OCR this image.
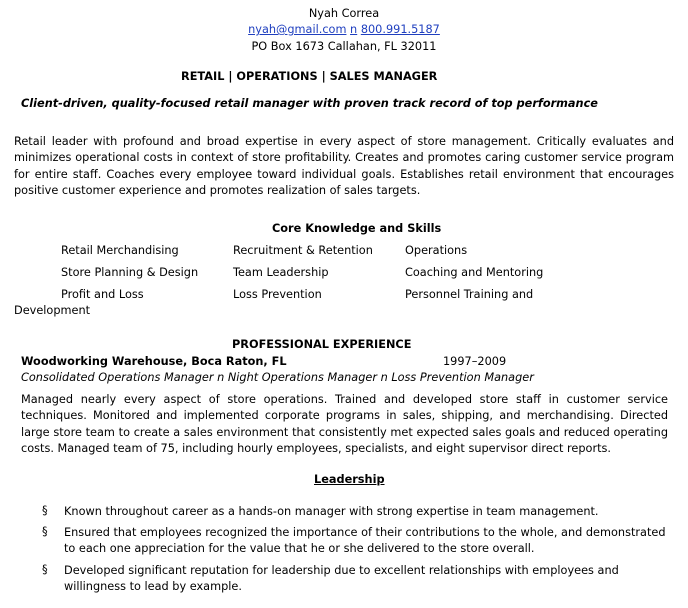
Nyah Correa
nyah@gmail.com n 800.991.5187
PO Box 1673 Callahan, FL 32011
RETAIL | OPERATIONS | SALES MANAGER
Client-driven, quality-focused retail manager with proven track record of top performance
Retail leader with profound and broad expertise in every aspect of store management. Critically evaluates and minimizes operational costs in context of store profitability. Creates and promotes caring customer service program for entire staff. Coaches every employee toward individual goals. Establishes retail environment that encourages positive customer experience and promotes realization of sales targets.
Core Knowledge and Skills
Retail Merchandising	Recruitment & Retention	Operations
Store Planning & Design	Team Leadership	Coaching and Mentoring
Profit and Loss	Loss Prevention	Personnel Training and
Development
PROFESSIONAL EXPERIENCE
Woodworking Warehouse, Boca Raton, FL	1997–2009
Consolidated Operations Manager n Night Operations Manager n Loss Prevention Manager
Managed nearly every aspect of store operations. Trained and developed store staff in customer service techniques. Monitored and implemented corporate programs in sales, shipping, and merchandising. Directed large store team to create a sales environment that consistently met expected sales goals and reduced operating costs. Managed team of 75, including hourly employees, specialists, and eight supervisor direct reports.
Leadership
§ Known throughout career as a hands-on manager with strong expertise in team management.
§ Ensured that employees recognized the importance of their contributions to the whole, and demonstrated to each one appreciation for the value that he or she delivered to the store overall.
§ Developed significant reputation for leadership due to excellent relationships with employees and willingness to lead by example.
